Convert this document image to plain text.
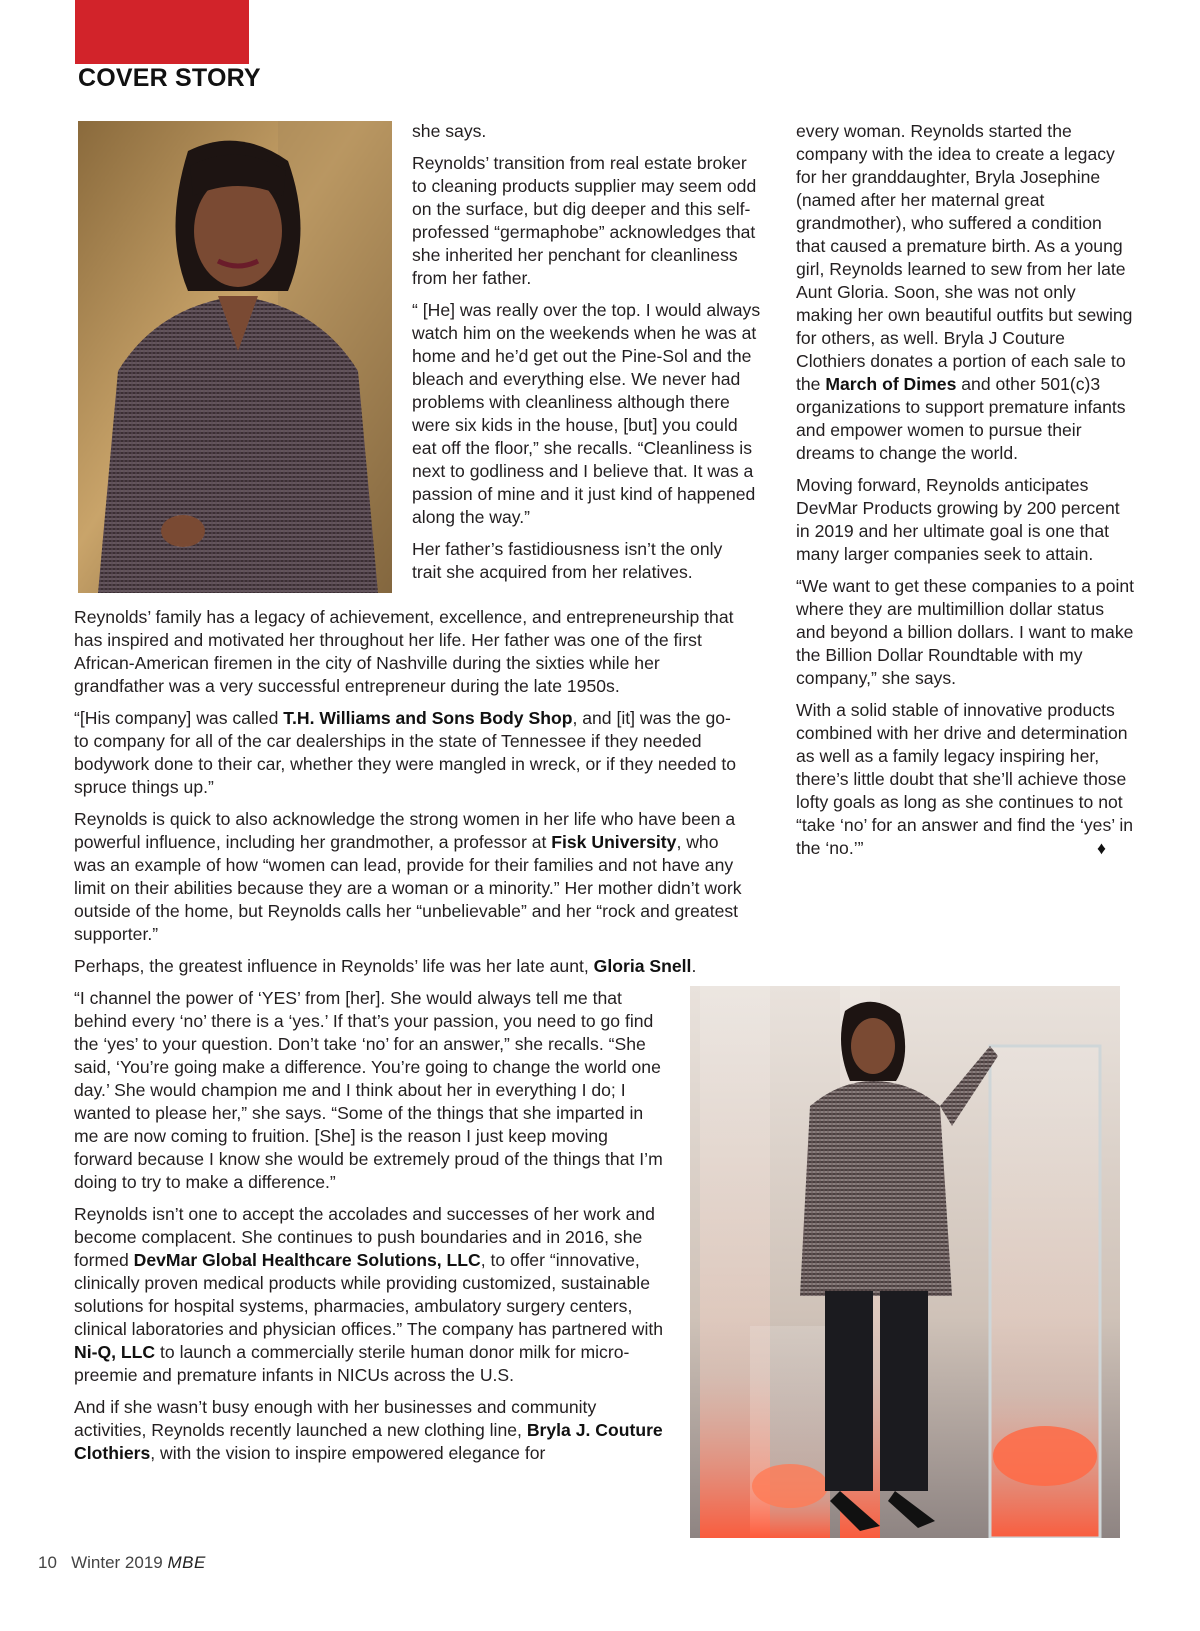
COVER STORY

she says.

Reynolds’ transition from real estate broker to cleaning products supplier may seem odd on the surface, but dig deeper and this self-professed “germaphobe” acknowledges that she inherited her penchant for cleanliness from her father.

“ [He] was really over the top. I would always watch him on the weekends when he was at home and he’d get out the Pine-Sol and the bleach and everything else. We never had problems with cleanliness although there were six kids in the house, [but] you could eat off the floor,” she recalls. “Cleanliness is next to godliness and I believe that. It was a passion of mine and it just kind of happened along the way.”

Her father’s fastidiousness isn’t the only

trait she acquired from her relatives.

Reynolds’ family has a legacy of achievement, excellence, and entrepreneurship that has inspired and motivated her throughout her life. Her father was one of the first African-American firemen in the city of Nashville during the sixties while her grandfather was a very successful entrepreneur during the late 1950s.

“[His company] was called T.H. Williams and Sons Body Shop, and [it] was the go-to company for all of the car dealerships in the state of Tennessee if they needed bodywork done to their car, whether they were mangled in wreck, or if they needed to spruce things up.”

Reynolds is quick to also acknowledge the strong women in her life who have been a powerful influence, including her grandmother, a professor at Fisk University, who was an example of how “women can lead, provide for their families and not have any limit on their abilities because they are a woman or a minority.” Her mother didn’t work outside of the home, but Reynolds calls her “unbelievable” and her “rock and greatest supporter.”

Perhaps, the greatest influence in Reynolds’ life was her late aunt, Gloria Snell.

“I channel the power of ‘YES’ from [her]. She would always tell me that behind every ‘no’ there is a ‘yes.’ If that’s your passion, you need to go find the ‘yes’ to your question. Don’t take ‘no’ for an answer,” she recalls. “She said, ‘You’re going make a difference. You’re going to change the world one day.’ She would champion me and I think about her in everything I do; I wanted to please her,” she says. “Some of the things that she imparted in me are now coming to fruition. [She] is the reason I just keep moving forward because I know she would be extremely proud of the things that I’m doing to try to make a difference.”

Reynolds isn’t one to accept the accolades and successes of her work and become complacent. She continues to push boundaries and in 2016, she formed DevMar Global Healthcare Solutions, LLC, to offer “innovative, clinically proven medical products while providing customized, sustainable solutions for hospital systems, pharmacies, ambulatory surgery centers, clinical laboratories and physician offices.” The company has partnered with Ni-Q, LLC to launch a commercially sterile human donor milk for micro-preemie and premature infants in NICUs across the U.S.

And if she wasn’t busy enough with her businesses and community activities, Reynolds recently launched a new clothing line, Bryla J. Couture Clothiers, with the vision to inspire empowered elegance for

every woman. Reynolds started the company with the idea to create a legacy for her granddaughter, Bryla Josephine (named after her maternal great grandmother), who suffered a condition that caused a premature birth. As a young girl, Reynolds learned to sew from her late Aunt Gloria. Soon, she was not only making her own beautiful outfits but sewing for others, as well. Bryla J Couture Clothiers donates a portion of each sale to the March of Dimes and other 501(c)3 organizations to support premature infants and empower women to pursue their dreams to change the world.

Moving forward, Reynolds anticipates DevMar Products growing by 200 percent in 2019 and her ultimate goal is one that many larger companies seek to attain.

“We want to get these companies to a point where they are multimillion dollar status and beyond a billion dollars. I want to make the Billion Dollar Roundtable with my company,” she says.

With a solid stable of innovative products combined with her drive and determination as well as a family legacy inspiring her, there’s little doubt that she’ll achieve those lofty goals as long as she continues to not “take ‘no’ for an answer and find the ‘yes’ in the ‘no.’”	♦

10 Winter 2019 MBE
